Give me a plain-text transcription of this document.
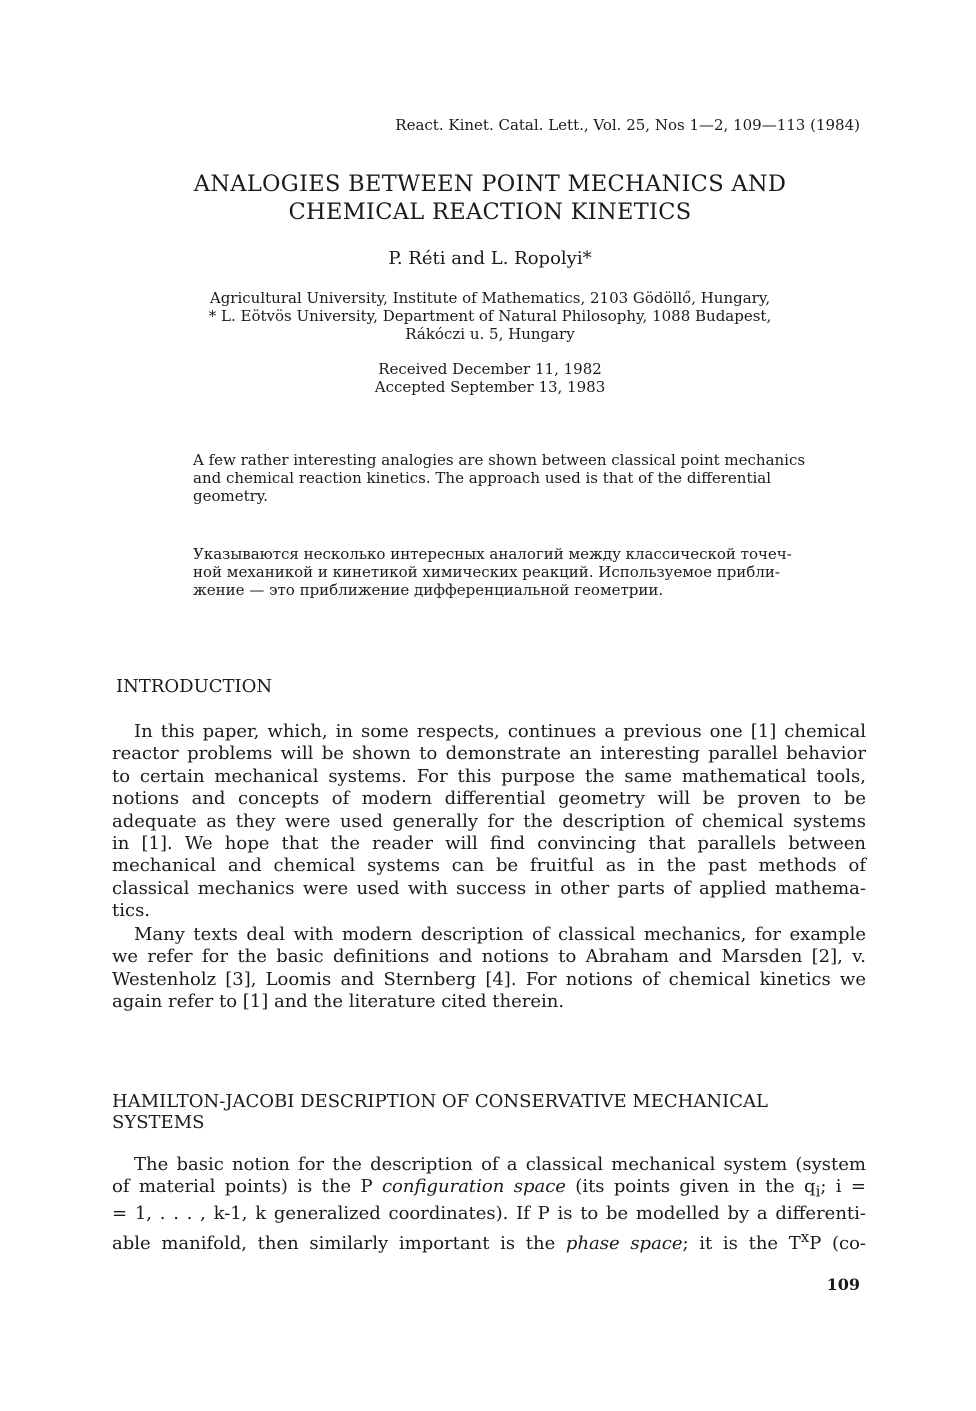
React. Kinet. Catal. Lett., Vol. 25, Nos 1—2, 109—113 (1984)
ANALOGIES BETWEEN POINT MECHANICS AND
CHEMICAL REACTION KINETICS
P. Réti and L. Ropolyi*
Agricultural University, Institute of Mathematics, 2103 Gödöllő, Hungary,
* L. Eötvös University, Department of Natural Philosophy, 1088 Budapest,
Rákóczi u. 5, Hungary
Received December 11, 1982
Accepted September 13, 1983
A few rather interesting analogies are shown between classical point mechanics
and chemical reaction kinetics. The approach used is that of the differential
geometry.
Указываются несколько интересных аналогий между классической точеч-
ной механикой и кинетикой химических реакций. Используемое прибли-
жение — это приближение дифференциальной геометрии.
INTRODUCTION
In this paper, which, in some respects, continues a previous one [1] chemical
reactor problems will be shown to demonstrate an interesting parallel behavior
to certain mechanical systems. For this purpose the same mathematical tools,
notions and concepts of modern differential geometry will be proven to be
adequate as they were used generally for the description of chemical systems
in [1]. We hope that the reader will find convincing that parallels between
mechanical and chemical systems can be fruitful as in the past methods of
classical mechanics were used with success in other parts of applied mathema-
tics.
Many texts deal with modern description of classical mechanics, for example
we refer for the basic definitions and notions to Abraham and Marsden [2], v.
Westenholz [3], Loomis and Sternberg [4]. For notions of chemical kinetics we
again refer to [1] and the literature cited therein.
HAMILTON-JACOBI DESCRIPTION OF CONSERVATIVE MECHANICAL
SYSTEMS
The basic notion for the description of a classical mechanical system (system
of material points) is the P configuration space (its points given in the $q_i$; i =
= 1, . . . , k-1, k generalized coordinates). If P is to be modelled by a differenti-
able manifold, then similarly important is the phase space; it is the $T^xP$ (co-
109
